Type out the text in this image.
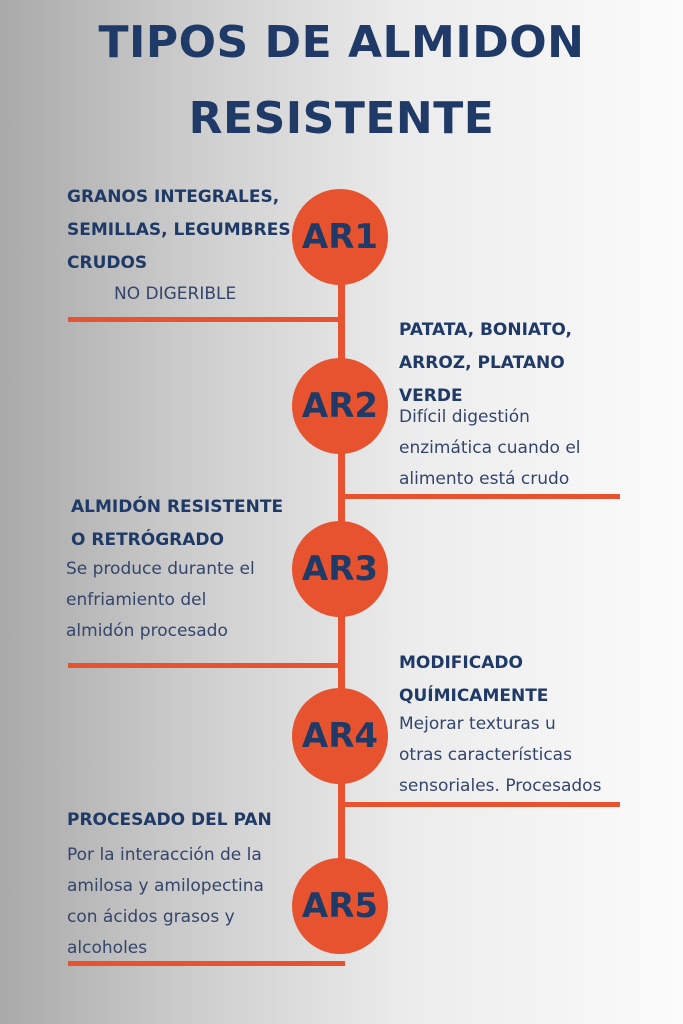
TIPOS DE ALMIDON
RESISTENTE
AR1
AR2
AR3
AR4
AR5
GRANOS INTEGRALES,
SEMILLAS, LEGUMBRES
CRUDOS
NO DIGERIBLE
PATATA, BONIATO,
ARROZ, PLATANO
VERDE
Difícil digestión
enzimática cuando el
alimento está crudo
ALMIDÓN RESISTENTE
O RETRÓGRADO
Se produce durante el
enfriamiento del
almidón procesado
MODIFICADO
QUÍMICAMENTE
Mejorar texturas u
otras características
sensoriales. Procesados
PROCESADO DEL PAN
Por la interacción de la
amilosa y amilopectina
con ácidos grasos y
alcoholes
